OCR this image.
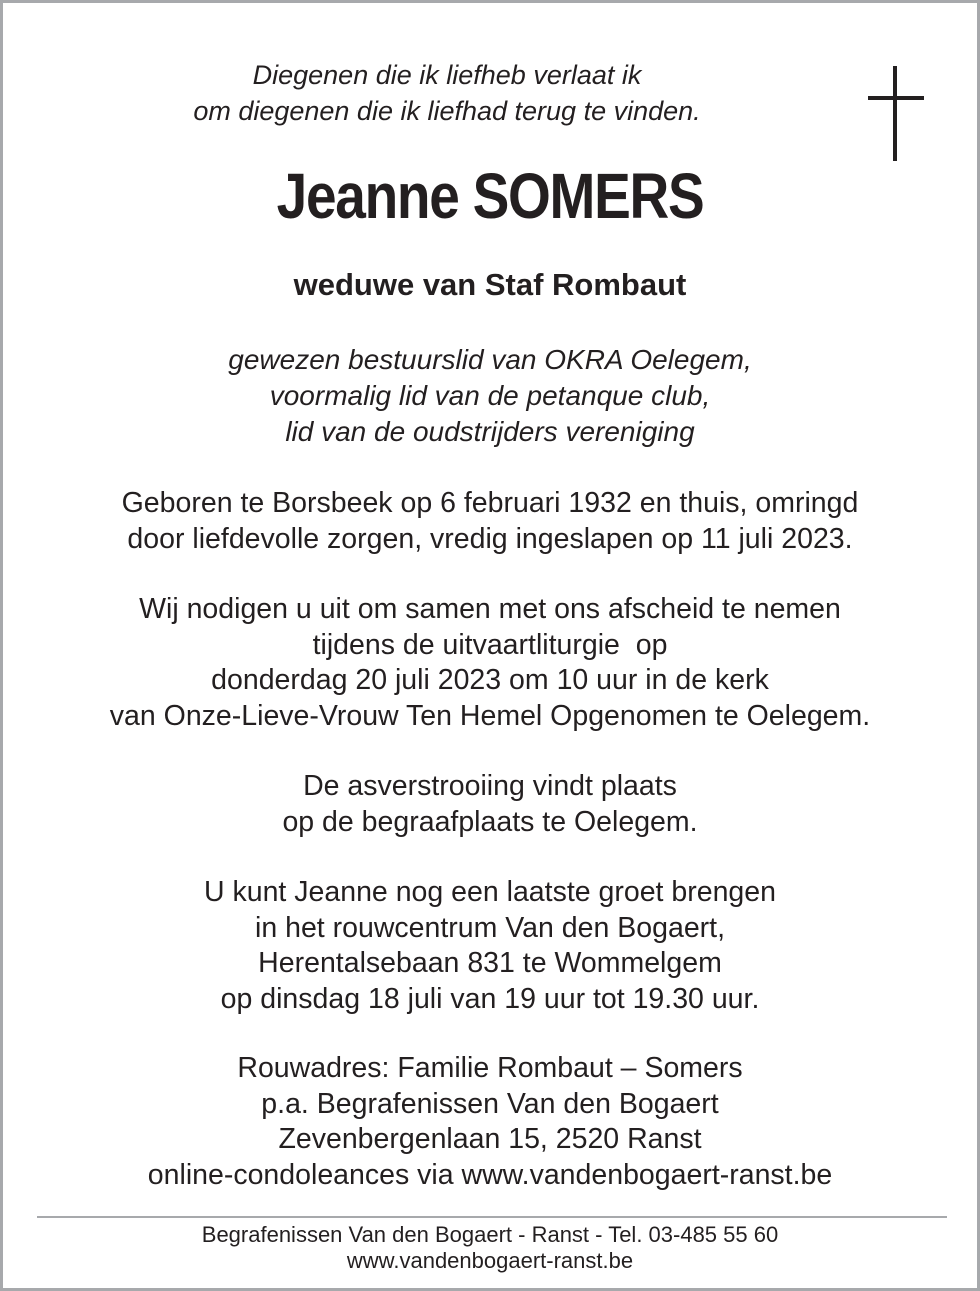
Diegenen die ik liefheb verlaat ik
om diegenen die ik liefhad terug te vinden.
Jeanne SOMERS
weduwe van Staf Rombaut
gewezen bestuurslid van OKRA Oelegem,
voormalig lid van de petanque club,
lid van de oudstrijders vereniging
Geboren te Borsbeek op 6 februari 1932 en thuis, omringd
door liefdevolle zorgen, vredig ingeslapen op 11 juli 2023.
Wij nodigen u uit om samen met ons afscheid te nemen
tijdens de uitvaartliturgie  op
donderdag 20 juli 2023 om 10 uur in de kerk
van Onze-Lieve-Vrouw Ten Hemel Opgenomen te Oelegem.
De asverstrooiing vindt plaats
op de begraafplaats te Oelegem.
U kunt Jeanne nog een laatste groet brengen
in het rouwcentrum Van den Bogaert,
Herentalsebaan 831 te Wommelgem
op dinsdag 18 juli van 19 uur tot 19.30 uur.
Rouwadres: Familie Rombaut – Somers
p.a. Begrafenissen Van den Bogaert
Zevenbergenlaan 15, 2520 Ranst
online-condoleances via www.vandenbogaert-ranst.be
Begrafenissen Van den Bogaert - Ranst - Tel. 03-485 55 60
www.vandenbogaert-ranst.be
